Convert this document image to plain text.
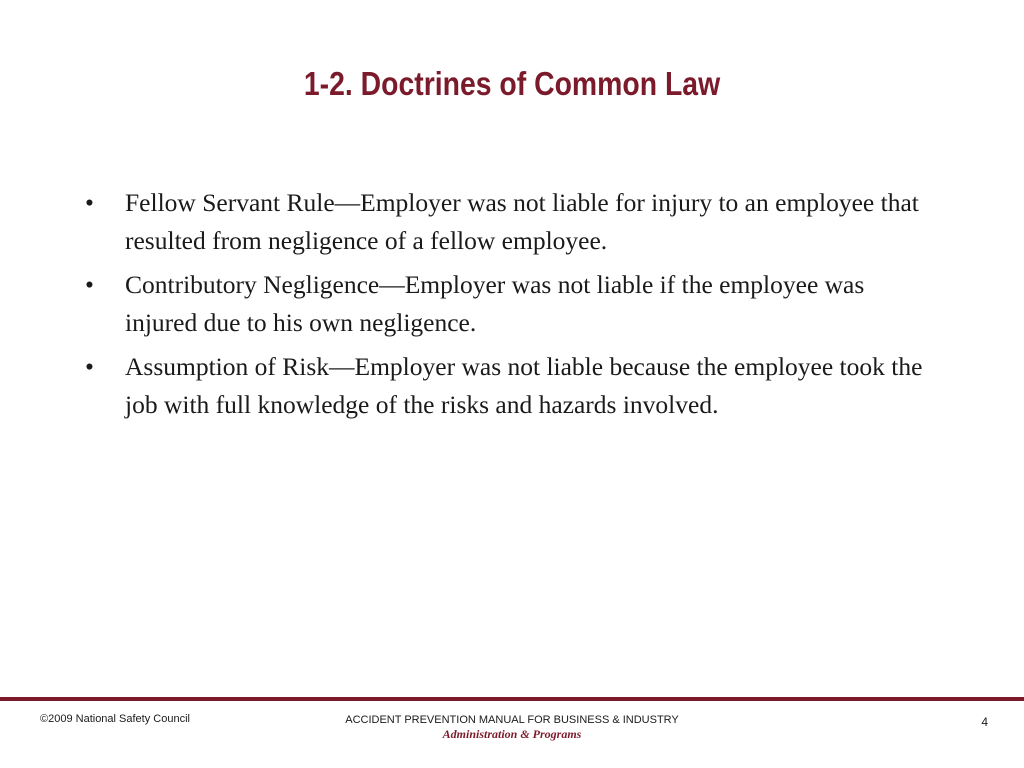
1-2. Doctrines of Common Law
•	Fellow Servant Rule—Employer was not liable for injury to an employee that resulted from negligence of a fellow employee.
•	Contributory Negligence—Employer was not liable if the employee was injured due to his own negligence.
•	Assumption of Risk—Employer was not liable because the employee took the job with full knowledge of the risks and hazards involved.
©2009 National Safety Council	ACCIDENT PREVENTION MANUAL FOR BUSINESS & INDUSTRY
Administration & Programs
4
